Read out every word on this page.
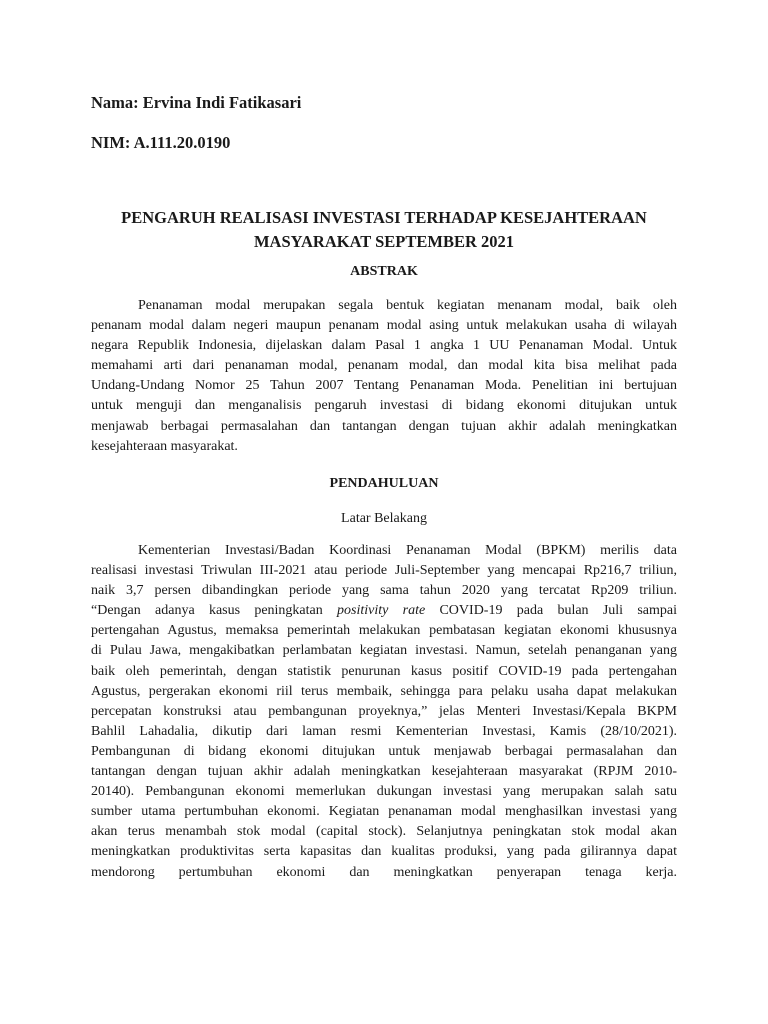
Nama: Ervina Indi Fatikasari
NIM: A.111.20.0190
PENGARUH REALISASI INVESTASI TERHADAP KESEJAHTERAAN
MASYARAKAT SEPTEMBER 2021
ABSTRAK
Penanaman modal merupakan segala bentuk kegiatan menanam modal, baik oleh
penanam modal dalam negeri maupun penanam modal asing untuk melakukan usaha di wilayah
negara Republik Indonesia, dijelaskan dalam Pasal 1 angka 1 UU Penanaman Modal. Untuk
memahami arti dari penanaman modal, penanam modal, dan modal kita bisa melihat pada
Undang-Undang Nomor 25 Tahun 2007 Tentang Penanaman Moda. Penelitian ini bertujuan
untuk menguji dan menganalisis pengaruh investasi di bidang ekonomi ditujukan untuk
menjawab berbagai permasalahan dan tantangan dengan tujuan akhir adalah meningkatkan
kesejahteraan masyarakat.
PENDAHULUAN
Latar Belakang
Kementerian Investasi/Badan Koordinasi Penanaman Modal (BPKM) merilis data
realisasi investasi Triwulan III-2021 atau periode Juli-September yang mencapai Rp216,7 triliun,
naik 3,7 persen dibandingkan periode yang sama tahun 2020 yang tercatat Rp209 triliun.
“Dengan adanya kasus peningkatan positivity rate COVID-19 pada bulan Juli sampai
pertengahan Agustus, memaksa pemerintah melakukan pembatasan kegiatan ekonomi khususnya
di Pulau Jawa, mengakibatkan perlambatan kegiatan investasi. Namun, setelah penanganan yang
baik oleh pemerintah, dengan statistik penurunan kasus positif COVID-19 pada pertengahan
Agustus, pergerakan ekonomi riil terus membaik, sehingga para pelaku usaha dapat melakukan
percepatan konstruksi atau pembangunan proyeknya,” jelas Menteri Investasi/Kepala BKPM
Bahlil Lahadalia, dikutip dari laman resmi Kementerian Investasi, Kamis (28/10/2021).
Pembangunan di bidang ekonomi ditujukan untuk menjawab berbagai permasalahan dan
tantangan dengan tujuan akhir adalah meningkatkan kesejahteraan masyarakat (RPJM 2010-
20140). Pembangunan ekonomi memerlukan dukungan investasi yang merupakan salah satu
sumber utama pertumbuhan ekonomi. Kegiatan penanaman modal menghasilkan investasi yang
akan terus menambah stok modal (capital stock). Selanjutnya peningkatan stok modal akan
meningkatkan produktivitas serta kapasitas dan kualitas produksi, yang pada gilirannya dapat
mendorong pertumbuhan ekonomi dan meningkatkan penyerapan tenaga kerja.
